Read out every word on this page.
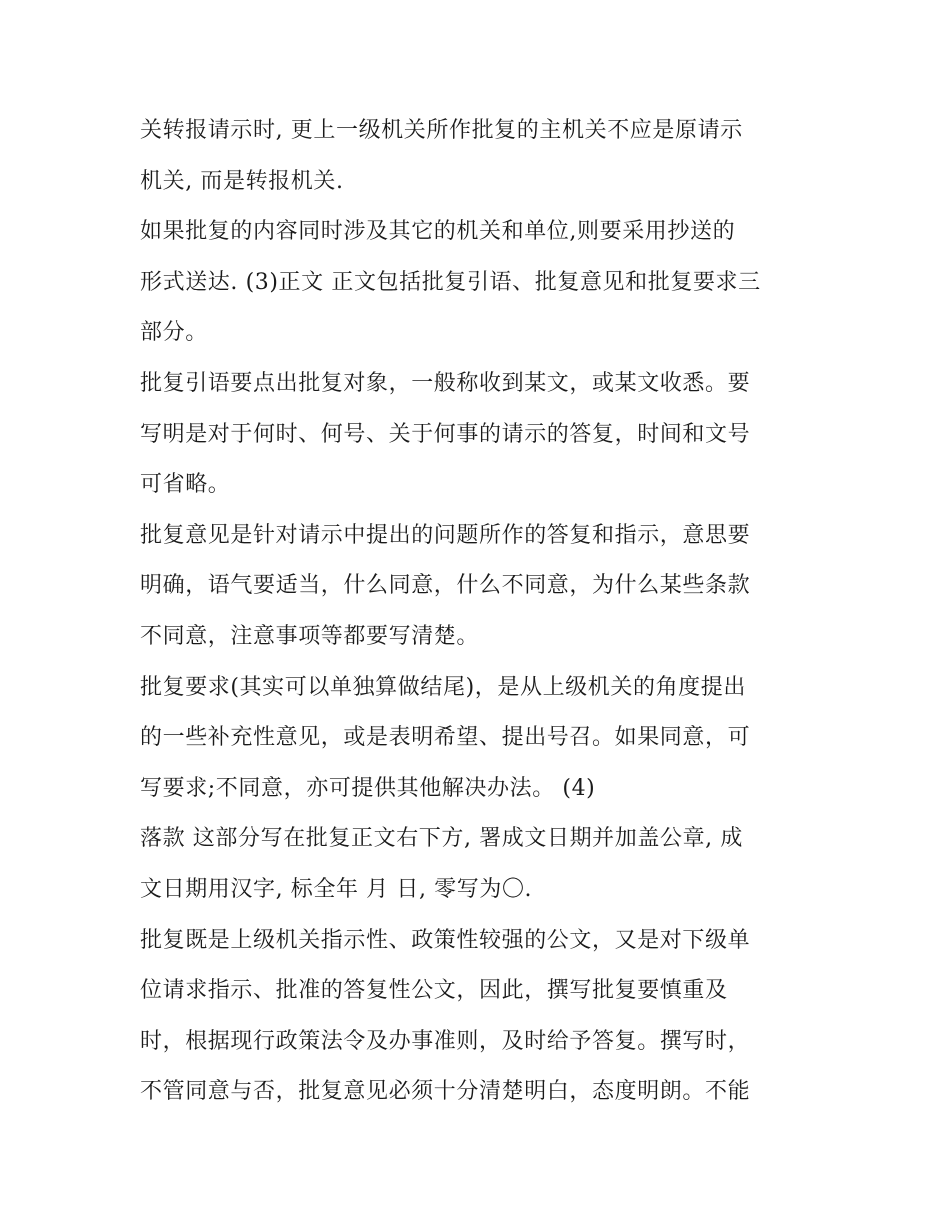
关转报请示时, 更上一级机关所作批复的主机关不应是原请示
机关, 而是转报机关.
如果批复的内容同时涉及其它的机关和单位,则要采用抄送的
形式送达. (3)正文 正文包括批复引语、批复意见和批复要求三
部分。
批复引语要点出批复对象，一般称收到某文，或某文收悉。要
写明是对于何时、何号、关于何事的请示的答复，时间和文号
可省略。
批复意见是针对请示中提出的问题所作的答复和指示，意思要
明确，语气要适当，什么同意，什么不同意，为什么某些条款
不同意，注意事项等都要写清楚。
批复要求(其实可以单独算做结尾)，是从上级机关的角度提出
的一些补充性意见，或是表明希望、提出号召。如果同意，可
写要求;不同意，亦可提供其他解决办法。 (4)
落款 这部分写在批复正文右下方, 署成文日期并加盖公章, 成
文日期用汉字, 标全年 月 日, 零写为〇.
批复既是上级机关指示性、政策性较强的公文，又是对下级单
位请求指示、批准的答复性公文，因此，撰写批复要慎重及
时，根据现行政策法令及办事准则，及时给予答复。撰写时，
不管同意与否，批复意见必须十分清楚明白，态度明朗。不能
